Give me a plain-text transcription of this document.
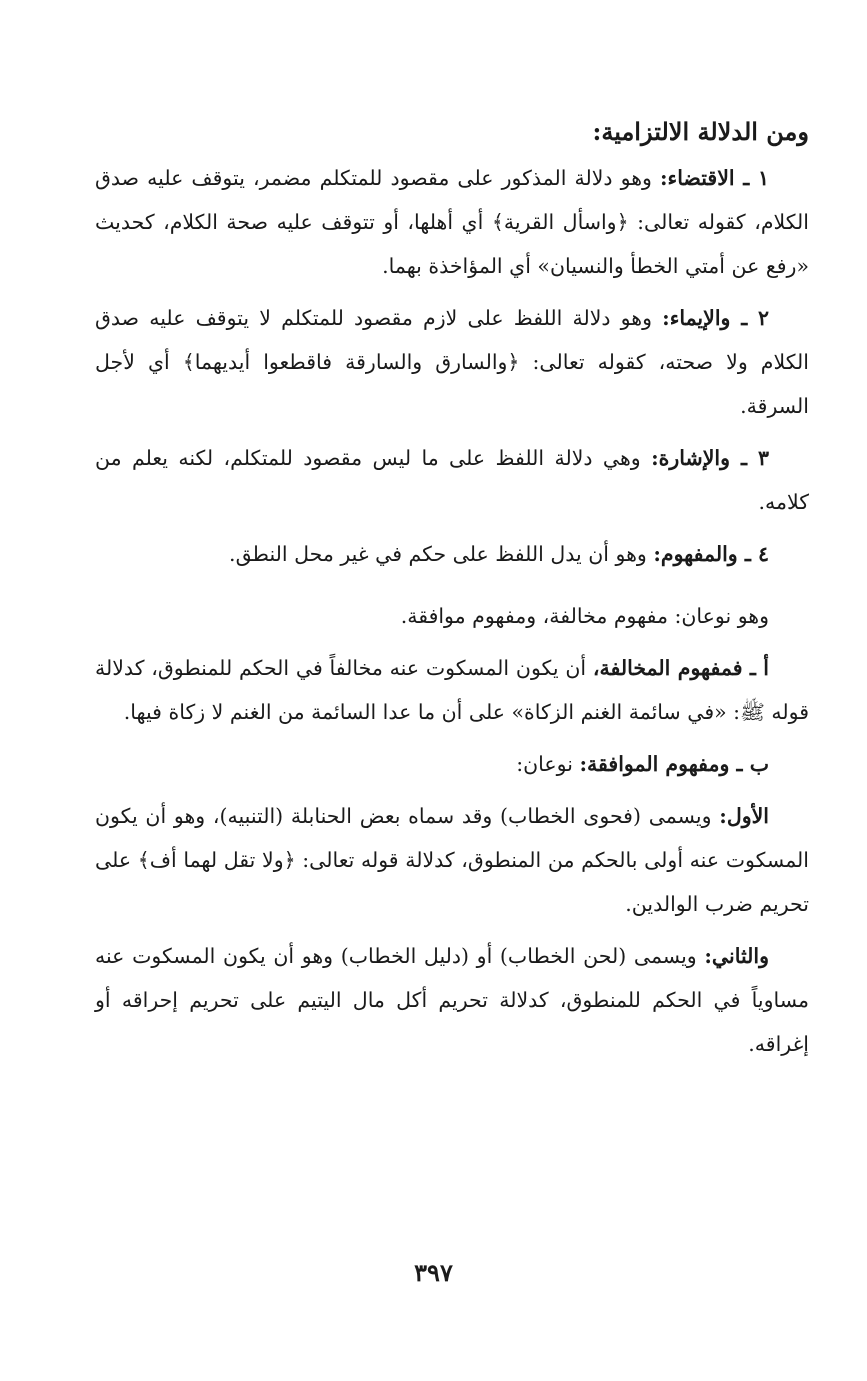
ومن الدلالة الالتزامية:

١ ـ الاقتضاء: وهو دلالة المذكور على مقصود للمتكلم مضمر، يتوقف عليه صدق الكلام، كقوله تعالى: ﴿واسأل القرية﴾ أي أهلها، أو تتوقف عليه صحة الكلام، كحديث «رفع عن أمتي الخطأ والنسيان» أي المؤاخذة بهما.

٢ ـ والإيماء: وهو دلالة اللفظ على لازم مقصود للمتكلم لا يتوقف عليه صدق الكلام ولا صحته، كقوله تعالى: ﴿والسارق والسارقة فاقطعوا أيديهما﴾ أي لأجل السرقة.

٣ ـ والإشارة: وهي دلالة اللفظ على ما ليس مقصود للمتكلم، لكنه يعلم من كلامه.

٤ ـ والمفهوم: وهو أن يدل اللفظ على حكم في غير محل النطق.

وهو نوعان: مفهوم مخالفة، ومفهوم موافقة.

أ ـ فمفهوم المخالفة، أن يكون المسكوت عنه مخالفاً في الحكم للمنطوق، كدلالة قوله ﷺ: «في سائمة الغنم الزكاة» على أن ما عدا السائمة من الغنم لا زكاة فيها.

ب ـ ومفهوم الموافقة: نوعان:

الأول: ويسمى (فحوى الخطاب) وقد سماه بعض الحنابلة (التنبيه)، وهو أن يكون المسكوت عنه أولى بالحكم من المنطوق، كدلالة قوله تعالى: ﴿ولا تقل لهما أف﴾ على تحريم ضرب الوالدين.

والثاني: ويسمى (لحن الخطاب) أو (دليل الخطاب) وهو أن يكون المسكوت عنه مساوياً في الحكم للمنطوق، كدلالة تحريم أكل مال اليتيم على تحريم إحراقه أو إغراقه.

٣٩٧
